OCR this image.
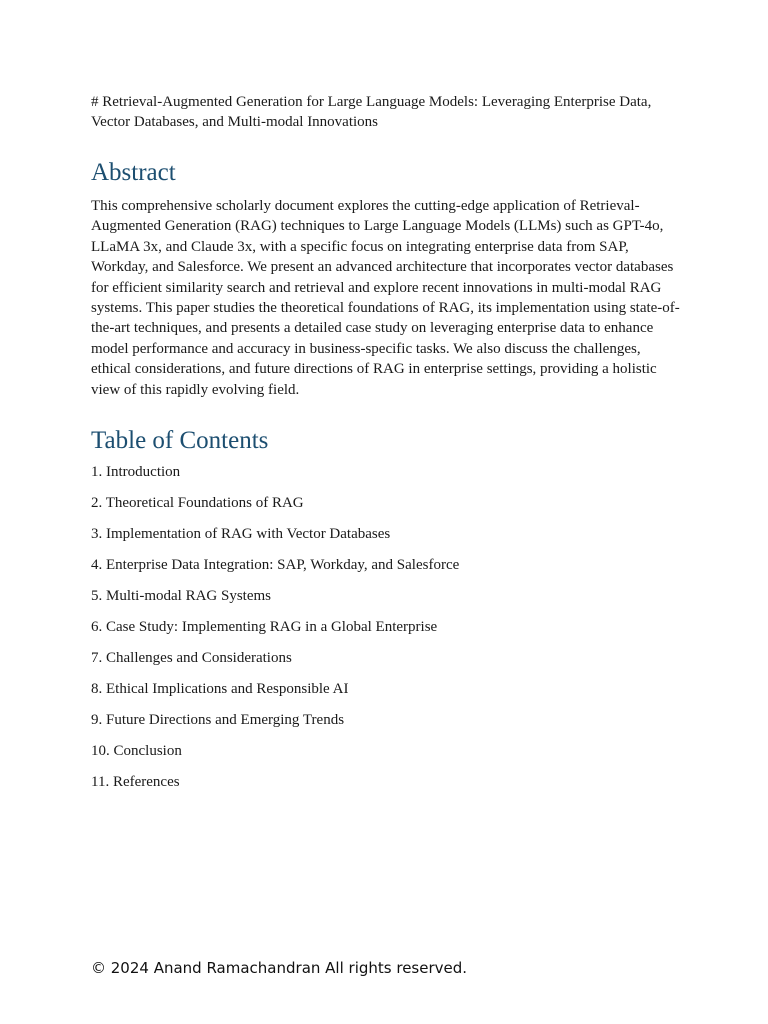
# Retrieval-Augmented Generation for Large Language Models: Leveraging Enterprise Data, Vector Databases, and Multi-modal Innovations

Abstract

This comprehensive scholarly document explores the cutting-edge application of Retrieval-Augmented Generation (RAG) techniques to Large Language Models (LLMs) such as GPT-4o, LLaMA 3x, and Claude 3x, with a specific focus on integrating enterprise data from SAP, Workday, and Salesforce. We present an advanced architecture that incorporates vector databases for efficient similarity search and retrieval and explore recent innovations in multi-modal RAG systems. This paper studies the theoretical foundations of RAG, its implementation using state-of-the-art techniques, and presents a detailed case study on leveraging enterprise data to enhance model performance and accuracy in business-specific tasks. We also discuss the challenges, ethical considerations, and future directions of RAG in enterprise settings, providing a holistic view of this rapidly evolving field.

Table of Contents
1. Introduction
2. Theoretical Foundations of RAG
3. Implementation of RAG with Vector Databases
4. Enterprise Data Integration: SAP, Workday, and Salesforce
5. Multi-modal RAG Systems
6. Case Study: Implementing RAG in a Global Enterprise
7. Challenges and Considerations
8. Ethical Implications and Responsible AI
9. Future Directions and Emerging Trends
10. Conclusion
11. References

© 2024 Anand Ramachandran All rights reserved.
